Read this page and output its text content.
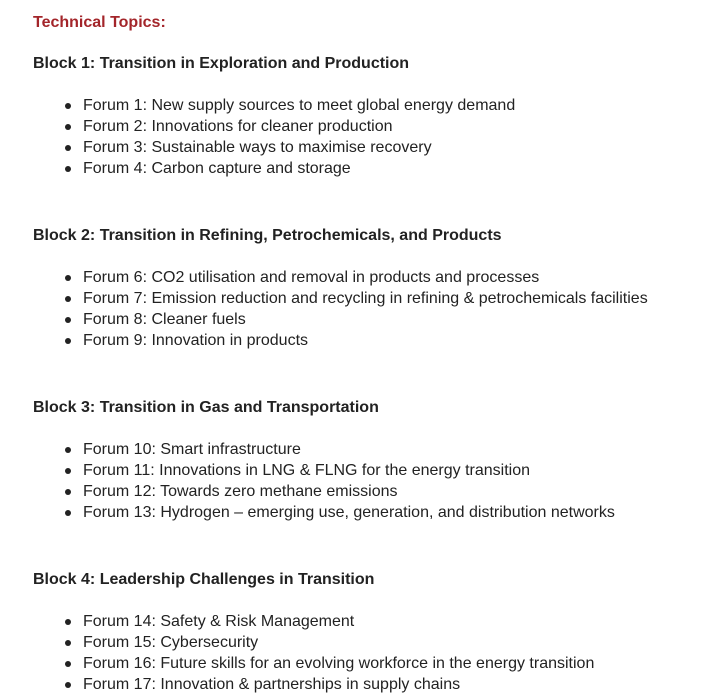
Technical Topics:
Block 1: Transition in Exploration and Production
Forum 1: New supply sources to meet global energy demand
Forum 2: Innovations for cleaner production
Forum 3: Sustainable ways to maximise recovery
Forum 4: Carbon capture and storage
Block 2: Transition in Refining, Petrochemicals, and Products
Forum 6: CO2 utilisation and removal in products and processes
Forum 7: Emission reduction and recycling in refining & petrochemicals facilities
Forum 8: Cleaner fuels
Forum 9: Innovation in products
Block 3: Transition in Gas and Transportation
Forum 10: Smart infrastructure
Forum 11: Innovations in LNG & FLNG for the energy transition
Forum 12: Towards zero methane emissions
Forum 13: Hydrogen – emerging use, generation, and distribution networks
Block 4: Leadership Challenges in Transition
Forum 14: Safety & Risk Management
Forum 15: Cybersecurity
Forum 16: Future skills for an evolving workforce in the energy transition
Forum 17: Innovation & partnerships in supply chains
